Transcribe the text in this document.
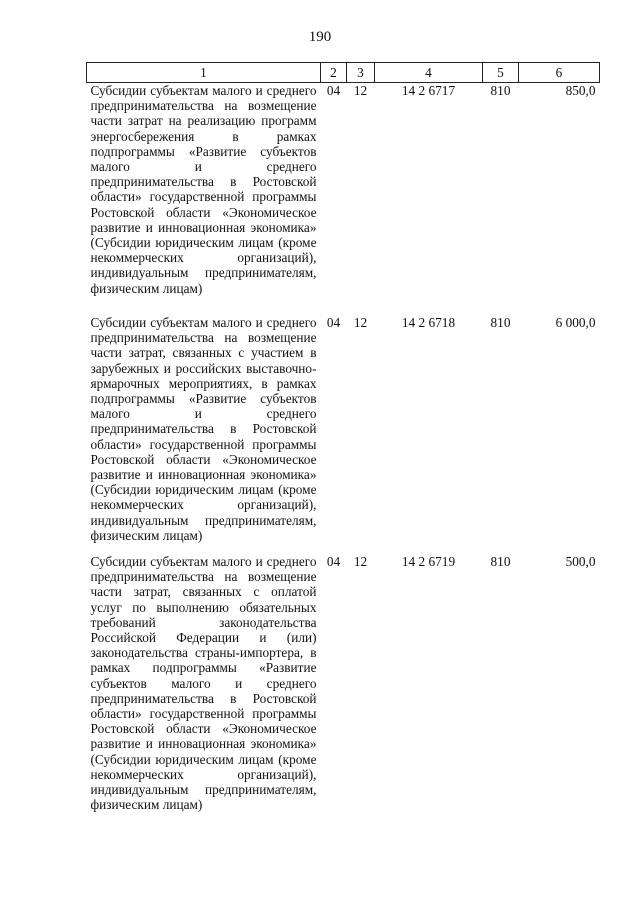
190
1	2	3	4	5	6
Субсидии субъектам малого и среднего предпринимательства на возмещение части затрат на реализацию программ энергосбережения в рамках подпрограммы «Развитие субъектов малого и среднего предпринимательства в Ростовской области» государственной программы Ростовской области «Экономическое развитие и инновационная экономика» (Субсидии юридическим лицам (кроме некоммерческих организаций), индивидуальным предпринимателям, физическим лицам)	04	12	14 2 6717	810	850,0
Субсидии субъектам малого и среднего предпринимательства на возмещение части затрат, связанных с участием в зарубежных и российских выставочно-ярмарочных мероприятиях, в рамках подпрограммы «Развитие субъектов малого и среднего предпринимательства в Ростовской области» государственной программы Ростовской области «Экономическое развитие и инновационная экономика» (Субсидии юридическим лицам (кроме некоммерческих организаций), индивидуальным предпринимателям, физическим лицам)	04	12	14 2 6718	810	6 000,0
Субсидии субъектам малого и среднего предпринимательства на возмещение части затрат, связанных с оплатой услуг по выполнению обязательных требований законодательства Российской Федерации и (или) законодательства страны-импортера, в рамках подпрограммы «Развитие субъектов малого и среднего предпринимательства в Ростовской области» государственной программы Ростовской области «Экономическое развитие и инновационная экономика» (Субсидии юридическим лицам (кроме некоммерческих организаций), индивидуальным предпринимателям, физическим лицам)	04	12	14 2 6719	810	500,0
